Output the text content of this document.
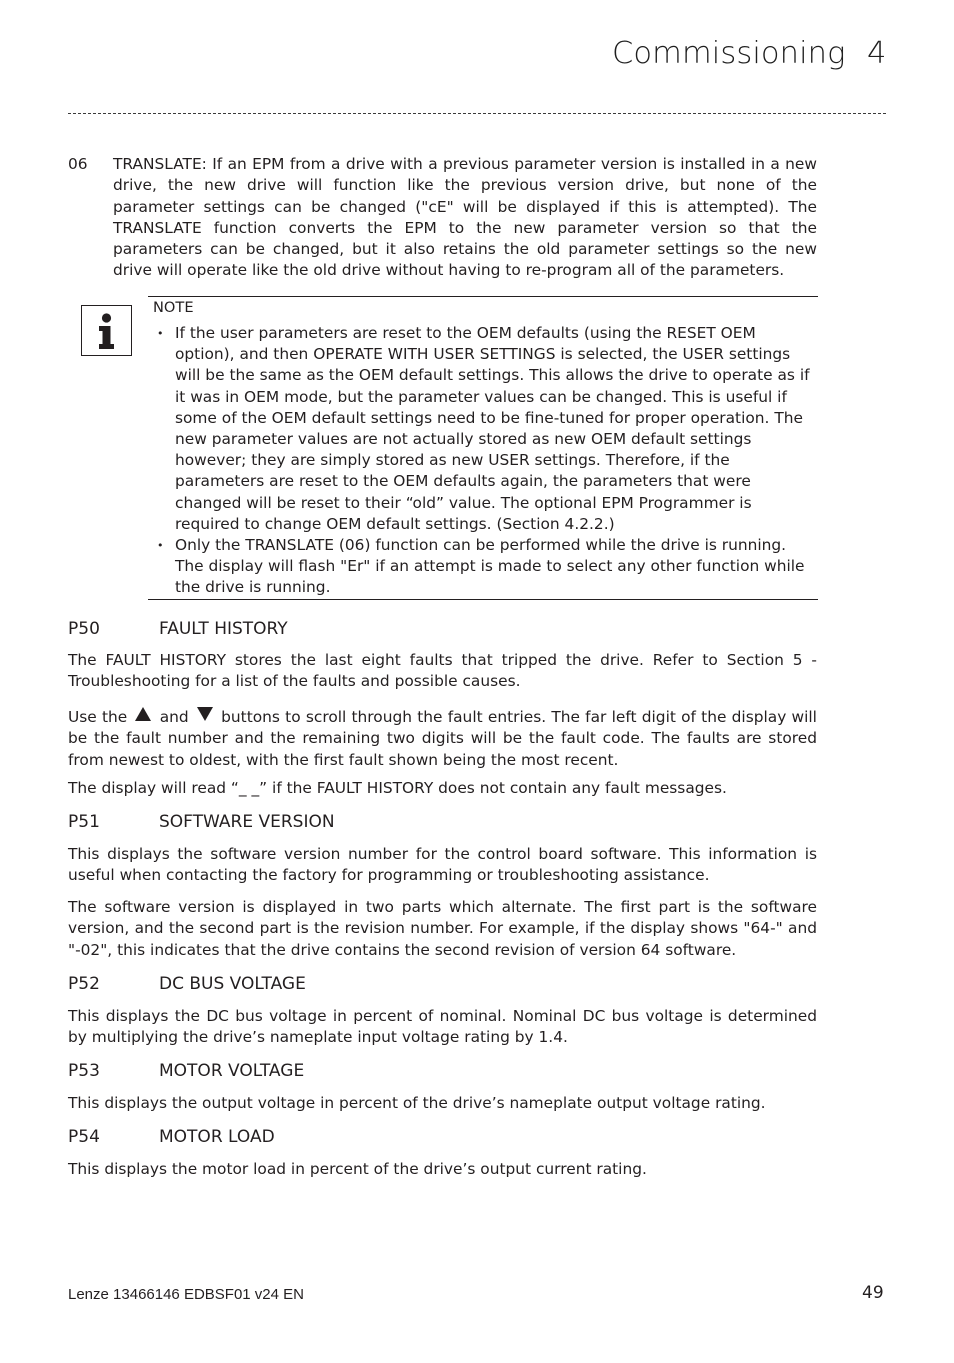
Commissioning 4
06 TRANSLATE: If an EPM from a drive with a previous parameter version is installed in a new drive, the new drive will function like the previous version drive, but none of the parameter settings can be changed ("cE" will be displayed if this is attempted). The TRANSLATE function converts the EPM to the new parameter version so that the parameters can be changed, but it also retains the old parameter settings so the new drive will operate like the old drive without having to re-program all of the parameters.
NOTE
• If the user parameters are reset to the OEM defaults (using the RESET OEM option), and then OPERATE WITH USER SETTINGS is selected, the USER settings will be the same as the OEM default settings. This allows the drive to operate as if it was in OEM mode, but the parameter values can be changed. This is useful if some of the OEM default settings need to be fine-tuned for proper operation. The new parameter values are not actually stored as new OEM default settings however; they are simply stored as new USER settings. Therefore, if the parameters are reset to the OEM defaults again, the parameters that were changed will be reset to their “old” value. The optional EPM Programmer is required to change OEM default settings. (Section 4.2.2.)
• Only the TRANSLATE (06) function can be performed while the drive is running. The display will flash "Er" if an attempt is made to select any other function while the drive is running.
P50	FAULT HISTORY
The FAULT HISTORY stores the last eight faults that tripped the drive. Refer to Section 5 - Troubleshooting for a list of the faults and possible causes.
Use the and buttons to scroll through the fault entries. The far left digit of the display will be the fault number and the remaining two digits will be the fault code. The faults are stored from newest to oldest, with the first fault shown being the most recent.
The display will read “_ _” if the FAULT HISTORY does not contain any fault messages.
P51	SOFTWARE VERSION
This displays the software version number for the control board software. This information is useful when contacting the factory for programming or troubleshooting assistance.
The software version is displayed in two parts which alternate. The first part is the software version, and the second part is the revision number. For example, if the display shows "64-" and "-02", this indicates that the drive contains the second revision of version 64 software.
P52	DC BUS VOLTAGE
This displays the DC bus voltage in percent of nominal. Nominal DC bus voltage is determined by multiplying the drive’s nameplate input voltage rating by 1.4.
P53	MOTOR VOLTAGE
This displays the output voltage in percent of the drive’s nameplate output voltage rating.
P54	MOTOR LOAD
This displays the motor load in percent of the drive’s output current rating.
Lenze 13466146 EDBSF01 v24 EN	49
